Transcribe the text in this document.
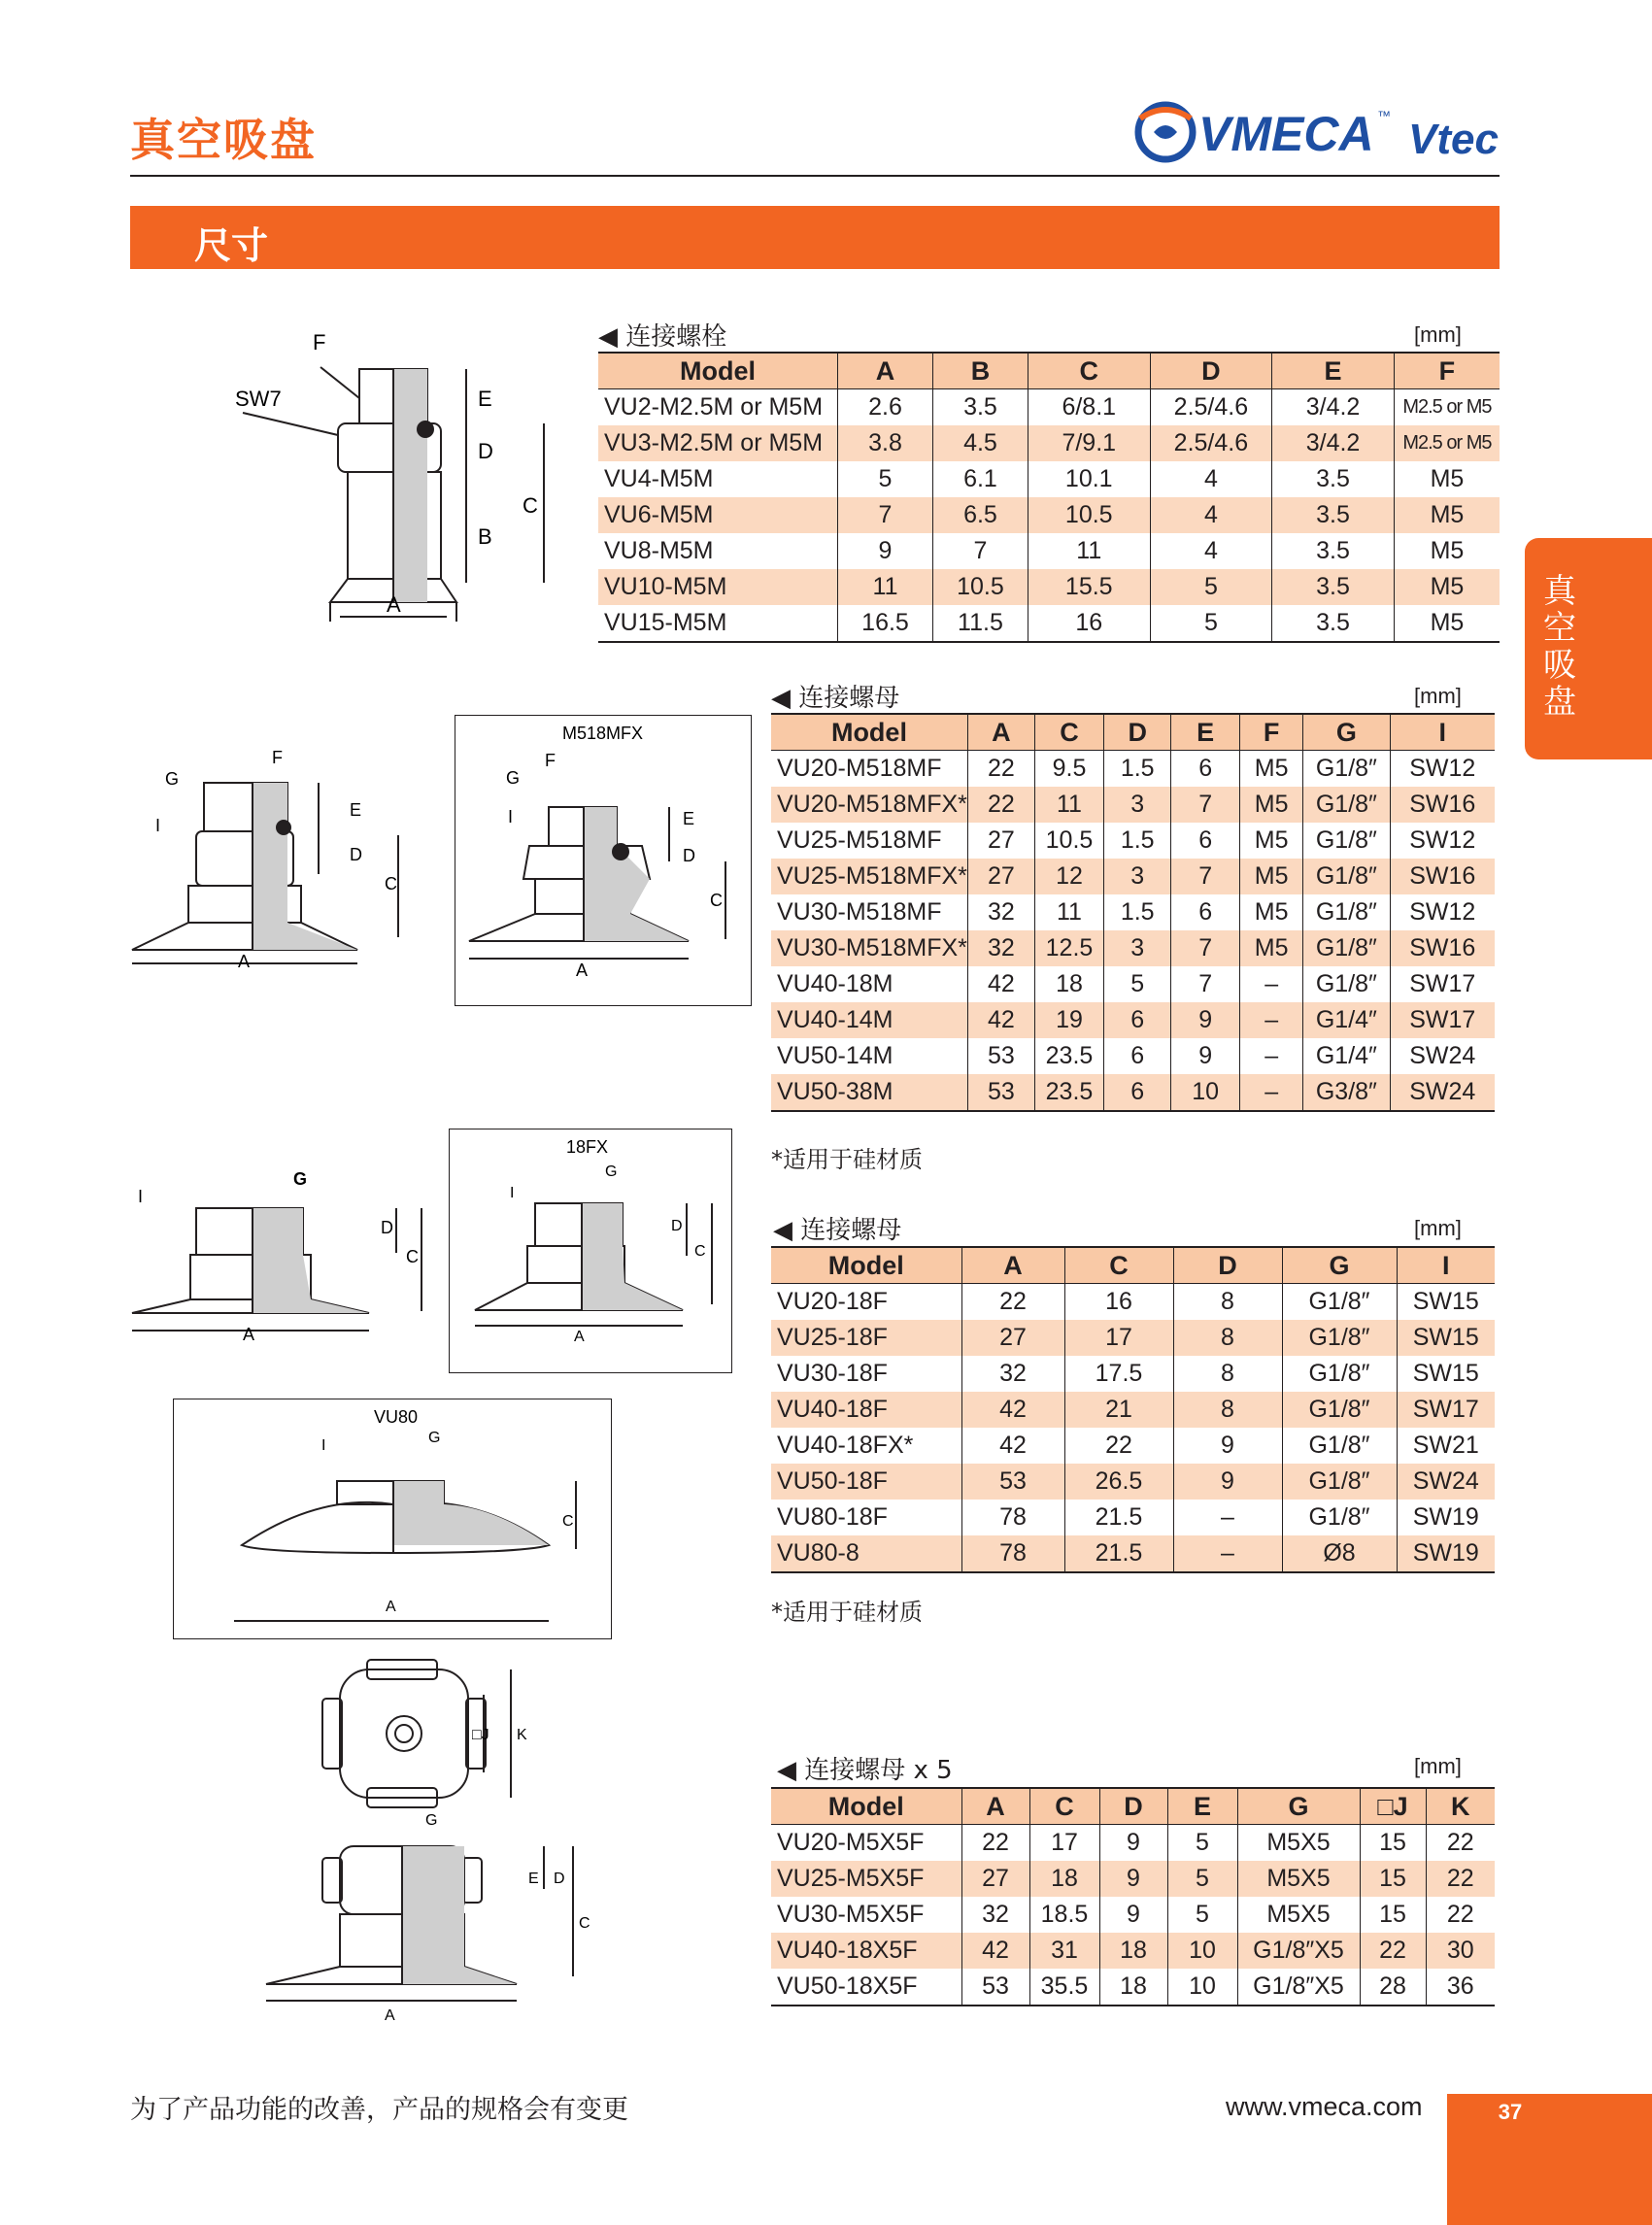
真空吸盘	VMECA ™ Vtec
尺寸
真空吸盘
F
SW7	E
D
C
B
A
G
F
I
E
D
C
A
M518MFX
G
F
I	E
D
C
A
I
G
D
C
A
18FX
I
G
D
C
A
VU80
I	G
C
A
□J K
G
E D
C
A
◀ 连接螺栓	[mm]
Model	A	B	C	D	E	F
VU2-M2.5M or M5M	2.6	3.5	6/8.1	2.5/4.6	3/4.2	M2.5 or M5
VU3-M2.5M or M5M	3.8	4.5	7/9.1	2.5/4.6	3/4.2	M2.5 or M5
VU4-M5M	5	6.1	10.1	4	3.5	M5
VU6-M5M	7	6.5	10.5	4	3.5	M5
VU8-M5M	9	7	11	4	3.5	M5
VU10-M5M	11	10.5	15.5	5	3.5	M5
VU15-M5M	16.5	11.5	16	5	3.5	M5
◀ 连接螺母	[mm]
Model	A	C	D	E	F	G	I
VU20-M518MF	22	9.5	1.5	6	M5	G1/8″	SW12
VU20-M518MFX*	22	11	3	7	M5	G1/8″	SW16
VU25-M518MF	27	10.5	1.5	6	M5	G1/8″	SW12
VU25-M518MFX*	27	12	3	7	M5	G1/8″	SW16
VU30-M518MF	32	11	1.5	6	M5	G1/8″	SW12
VU30-M518MFX*	32	12.5	3	7	M5	G1/8″	SW16
VU40-18M	42	18	5	7	–	G1/8″	SW17
VU40-14M	42	19	6	9	–	G1/4″	SW17
VU50-14M	53	23.5	6	9	–	G1/4″	SW24
VU50-38M	53	23.5	6	10	–	G3/8″	SW24
*适用于硅材质
◀ 连接螺母	[mm]
Model	A	C	D	G	I
VU20-18F	22	16	8	G1/8″	SW15
VU25-18F	27	17	8	G1/8″	SW15
VU30-18F	32	17.5	8	G1/8″	SW15
VU40-18F	42	21	8	G1/8″	SW17
VU40-18FX*	42	22	9	G1/8″	SW21
VU50-18F	53	26.5	9	G1/8″	SW24
VU80-18F	78	21.5	–	G1/8″	SW19
VU80-8	78	21.5	–	Ø8	SW19
*适用于硅材质
◀ 连接螺母 x 5	[mm]
Model	A	C	D	E	G	□J	K
VU20-M5X5F	22	17	9	5	M5X5	15	22
VU25-M5X5F	27	18	9	5	M5X5	15	22
VU30-M5X5F	32	18.5	9	5	M5X5	15	22
VU40-18X5F	42	31	18	10	G1/8″X5	22	30
VU50-18X5F	53	35.5	18	10	G1/8″X5	28	36
为了产品功能的改善，产品的规格会有变更	www.vmeca.com	37
